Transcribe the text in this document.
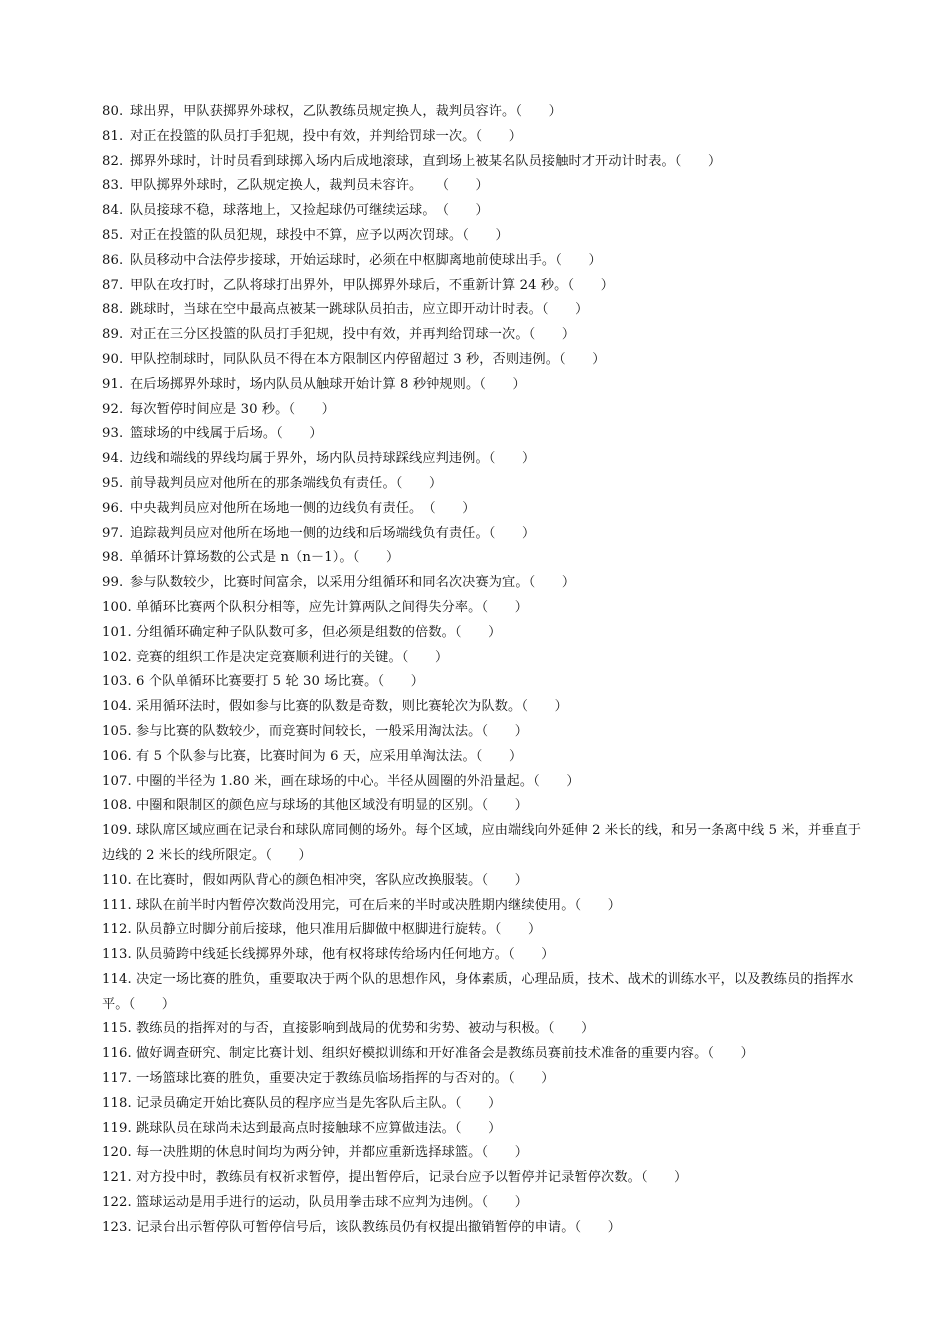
80. 球出界，甲队获掷界外球权，乙队教练员规定换人，裁判员容许。（　　）
81. 对正在投篮的队员打手犯规，投中有效，并判给罚球一次。（　　）
82. 掷界外球时，计时员看到球掷入场内后成地滚球，直到场上被某名队员接触时才开动计时表。（　　）
83. 甲队掷界外球时，乙队规定换人，裁判员未容许。　　（　　）
84. 队员接球不稳，球落地上，又捡起球仍可继续运球。　（　　）
85. 对正在投篮的队员犯规，球投中不算，应予以两次罚球。（　　）
86. 队员移动中合法停步接球，开始运球时，必须在中枢脚离地前使球出手。（　　）
87. 甲队在攻打时，乙队将球打出界外，甲队掷界外球后，不重新计算 24 秒。（　　）
88. 跳球时，当球在空中最高点被某一跳球队员拍击，应立即开动计时表。（　　）
89. 对正在三分区投篮的队员打手犯规，投中有效，并再判给罚球一次。（　　）
90. 甲队控制球时，同队队员不得在本方限制区内停留超过 3 秒，否则违例。（　　）
91. 在后场掷界外球时，场内队员从触球开始计算 8 秒钟规则。（　　）
92. 每次暂停时间应是 30 秒。（　　）
93. 篮球场的中线属于后场。（　　）
94. 边线和端线的界线均属于界外，场内队员持球踩线应判违例。（　　）
95. 前导裁判员应对他所在的那条端线负有责任。（　　）
96. 中央裁判员应对他所在场地一侧的边线负有责任。　（　　）
97. 追踪裁判员应对他所在场地一侧的边线和后场端线负有责任。（　　）
98. 单循环计算场数的公式是 n（n－1）。（　　）
99. 参与队数较少，比赛时间富余，以采用分组循环和同名次决赛为宜。（　　）
100. 单循环比赛两个队积分相等，应先计算两队之间得失分率。（　　）
101. 分组循环确定种子队队数可多，但必须是组数的倍数。（　　）
102. 竞赛的组织工作是决定竞赛顺利进行的关键。（　　）
103. 6 个队单循环比赛要打 5 轮 30 场比赛。（　　）
104. 采用循环法时，假如参与比赛的队数是奇数，则比赛轮次为队数。（　　）
105. 参与比赛的队数较少，而竞赛时间较长，一般采用淘汰法。（　　）
106. 有 5 个队参与比赛，比赛时间为 6 天，应采用单淘汰法。（　　）
107. 中圈的半径为 1.80 米，画在球场的中心。半径从圆圈的外沿量起。（　　）
108. 中圈和限制区的颜色应与球场的其他区域没有明显的区别。（　　）
109. 球队席区域应画在记录台和球队席同侧的场外。每个区域，应由端线向外延伸 2 米长的线，和另一条离中线 5 米，并垂直于边线的 2 米长的线所限定。（　　）
110. 在比赛时，假如两队背心的颜色相冲突，客队应改换服装。（　　）
111. 球队在前半时内暂停次数尚没用完，可在后来的半时或决胜期内继续使用。（　　）
112. 队员静立时脚分前后接球，他只准用后脚做中枢脚进行旋转。（　　）
113. 队员骑跨中线延长线掷界外球，他有权将球传给场内任何地方。（　　）
114. 决定一场比赛的胜负，重要取决于两个队的思想作风，身体素质，心理品质，技术、战术的训练水平，以及教练员的指挥水平。（　　）
115. 教练员的指挥对的与否，直接影响到战局的优势和劣势、被动与积极。（　　）
116. 做好调查研究、制定比赛计划、组织好模拟训练和开好准备会是教练员赛前技术准备的重要内容。（　　）
117. 一场篮球比赛的胜负，重要决定于教练员临场指挥的与否对的。（　　）
118. 记录员确定开始比赛队员的程序应当是先客队后主队。（　　）
119. 跳球队员在球尚未达到最高点时接触球不应算做违法。（　　）
120. 每一决胜期的休息时间均为两分钟，并都应重新选择球篮。（　　）
121. 对方投中时，教练员有权祈求暂停，提出暂停后，记录台应予以暂停并记录暂停次数。（　　）
122. 篮球运动是用手进行的运动，队员用拳击球不应判为违例。（　　）
123. 记录台出示暂停队可暂停信号后，该队教练员仍有权提出撤销暂停的申请。（　　）
